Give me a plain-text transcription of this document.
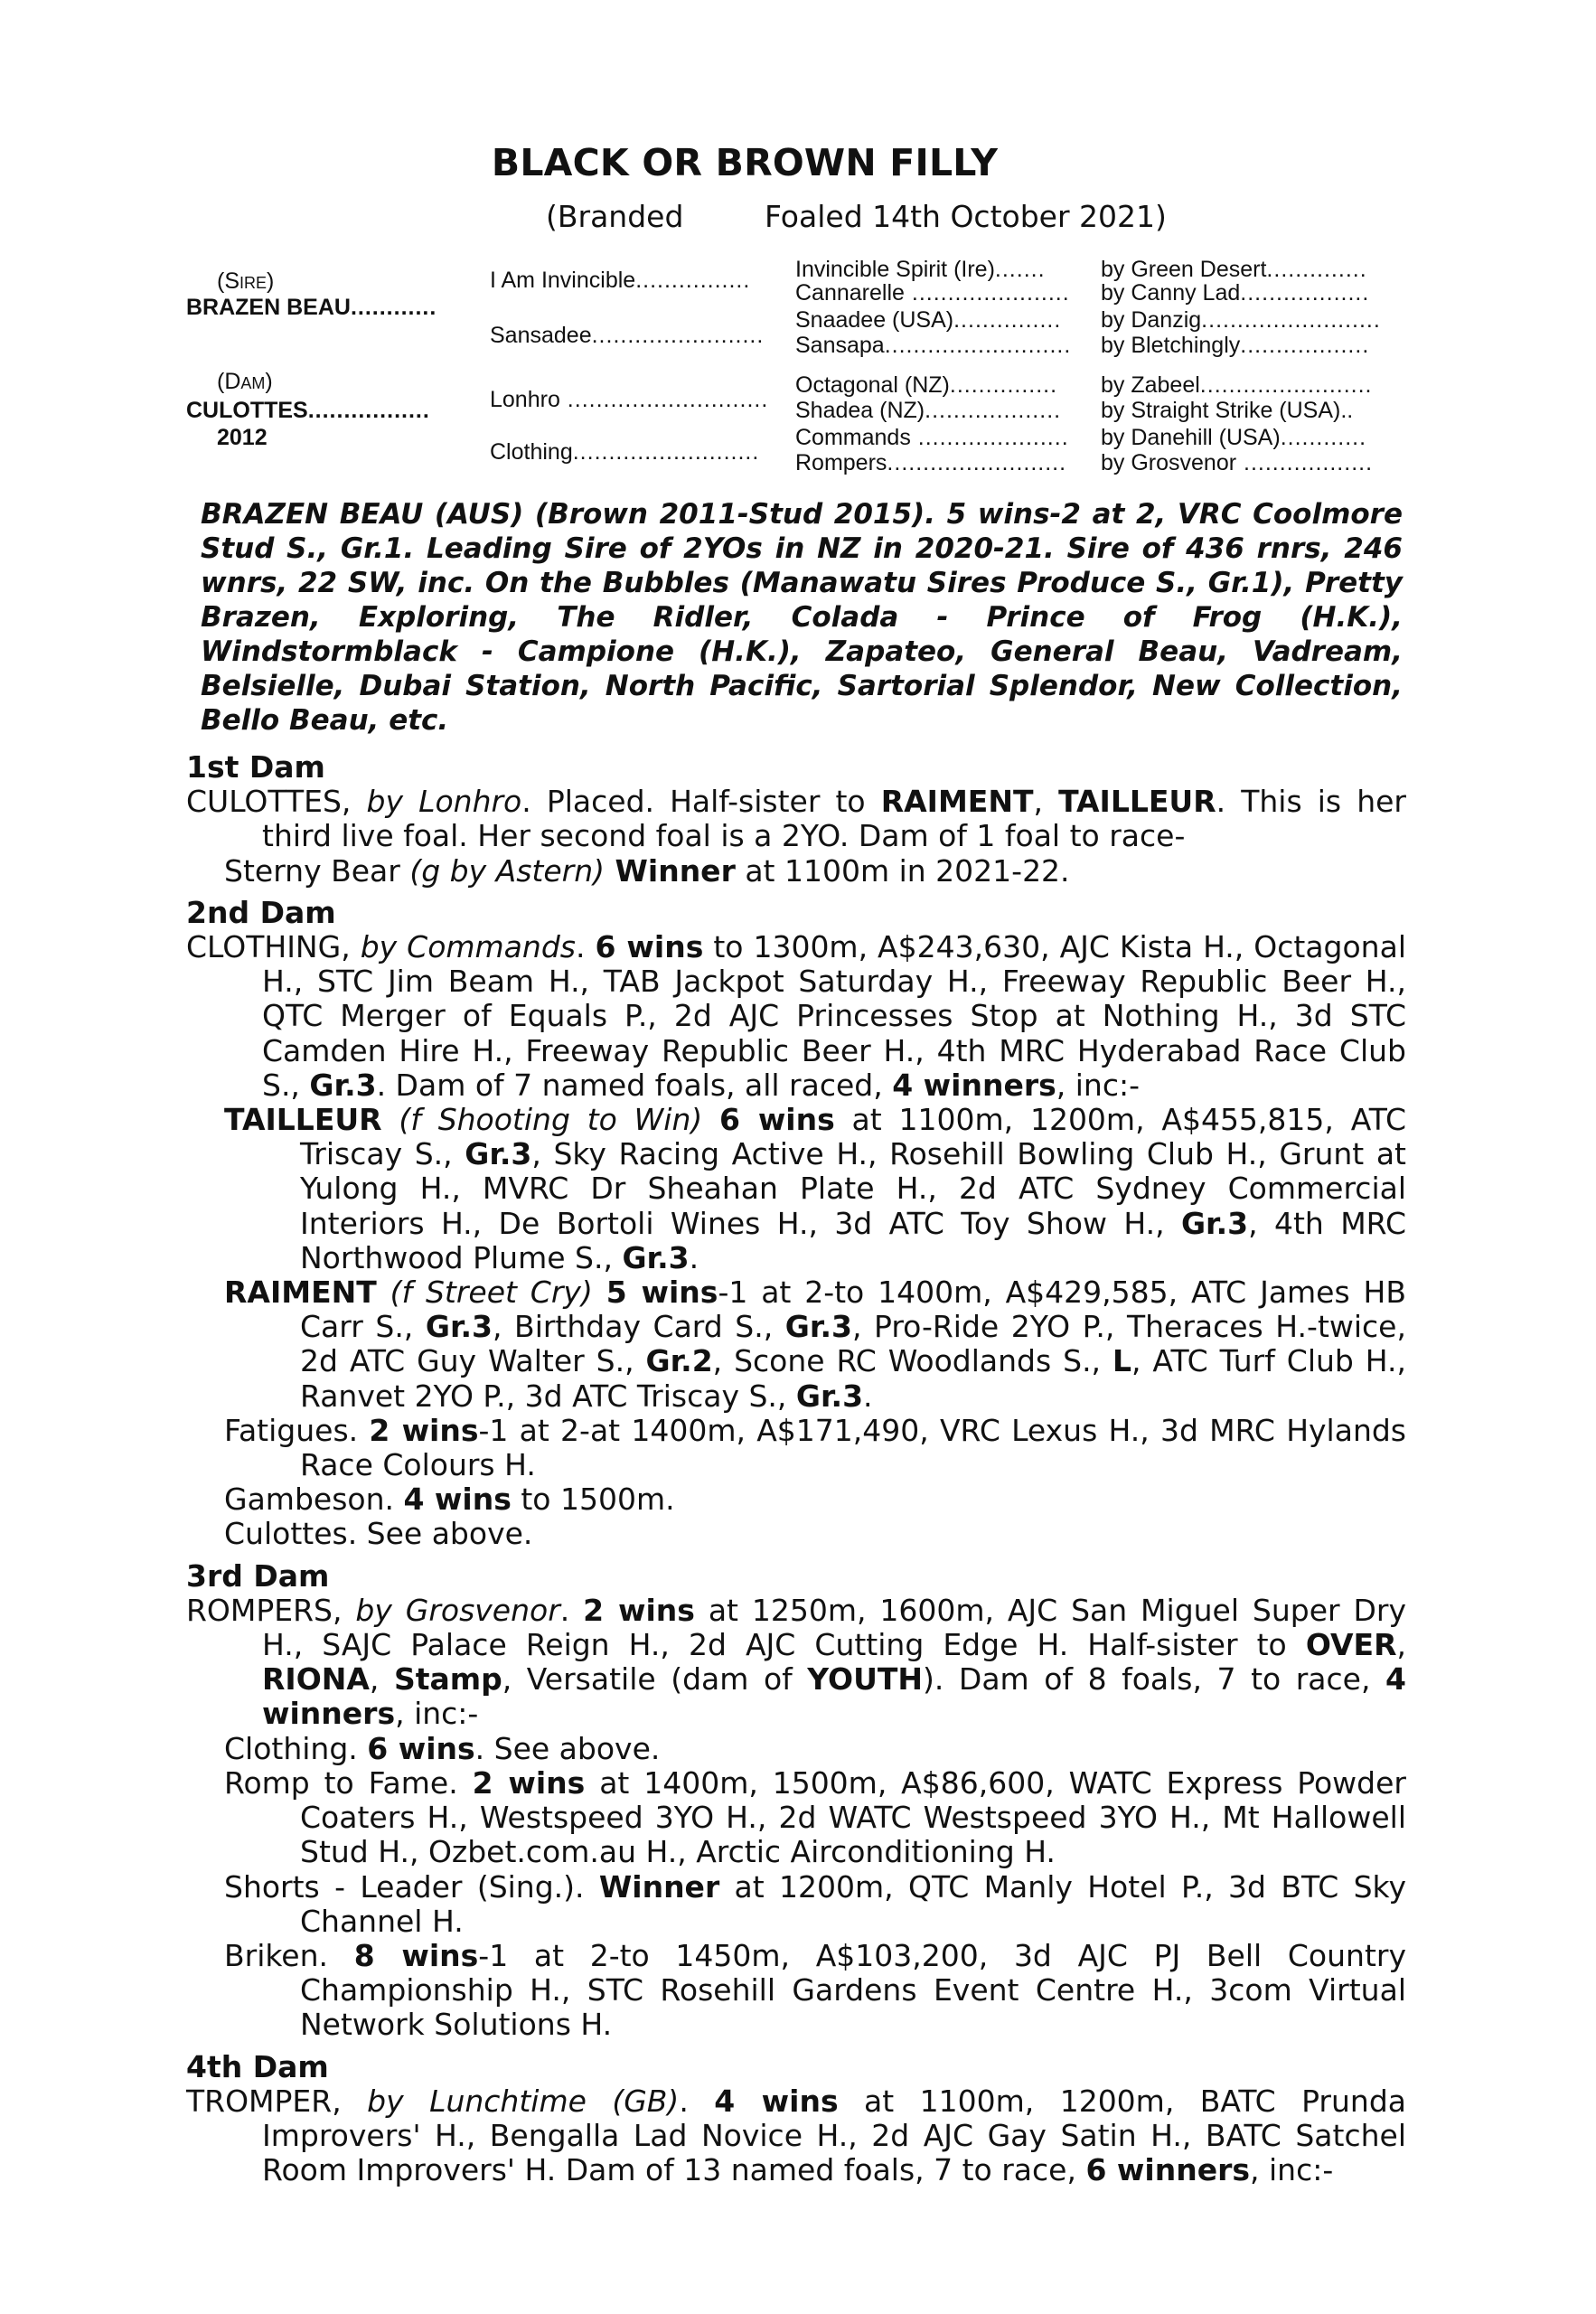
BLACK OR BROWN FILLY
(Branded	Foaled 14th October 2021)
(Sire)
BRAZEN BEAU............
(Dam)
CULOTTES.................
2012
I Am Invincible................
Sansadee........................
Lonhro ............................
Clothing..........................
Invincible Spirit (Ire).......
Cannarelle ......................
Snaadee (USA)...............
Sansapa..........................
Octagonal (NZ)...............
Shadea (NZ)...................
Commands .....................
Rompers.........................
by Green Desert..............
by Canny Lad..................
by Danzig.........................
by Bletchingly..................
by Zabeel........................
by Straight Strike (USA)..
by Danehill (USA)............
by Grosvenor ..................
BRAZEN BEAU (AUS) (Brown 2011-Stud 2015). 5 wins-2 at 2, VRC Coolmore Stud S., Gr.1. Leading Sire of 2YOs in NZ in 2020-21. Sire of 436 rnrs, 246 wnrs, 22 SW, inc. On the Bubbles (Manawatu Sires Produce S., Gr.1), Pretty Brazen, Exploring, The Ridler, Colada - Prince of Frog (H.K.), Windstormblack - Campione (H.K.), Zapateo, General Beau, Vadream, Belsielle, Dubai Station, North Pacific, Sartorial Splendor, New Collection, Bello Beau, etc.
1st Dam
CULOTTES, by Lonhro. Placed. Half-sister to RAIMENT, TAILLEUR. This is her third live foal. Her second foal is a 2YO. Dam of 1 foal to race-
Sterny Bear (g by Astern) Winner at 1100m in 2021-22.
2nd Dam
CLOTHING, by Commands. 6 wins to 1300m, A$243,630, AJC Kista H., Octagonal H., STC Jim Beam H., TAB Jackpot Saturday H., Freeway Republic Beer H., QTC Merger of Equals P., 2d AJC Princesses Stop at Nothing H., 3d STC Camden Hire H., Freeway Republic Beer H., 4th MRC Hyderabad Race Club S., Gr.3. Dam of 7 named foals, all raced, 4 winners, inc:-
TAILLEUR (f Shooting to Win) 6 wins at 1100m, 1200m, A$455,815, ATC Triscay S., Gr.3, Sky Racing Active H., Rosehill Bowling Club H., Grunt at Yulong H., MVRC Dr Sheahan Plate H., 2d ATC Sydney Commercial Interiors H., De Bortoli Wines H., 3d ATC Toy Show H., Gr.3, 4th MRC Northwood Plume S., Gr.3.
RAIMENT (f Street Cry) 5 wins-1 at 2-to 1400m, A$429,585, ATC James HB Carr S., Gr.3, Birthday Card S., Gr.3, Pro-Ride 2YO P., Theraces H.-twice, 2d ATC Guy Walter S., Gr.2, Scone RC Woodlands S., L, ATC Turf Club H., Ranvet 2YO P., 3d ATC Triscay S., Gr.3.
Fatigues. 2 wins-1 at 2-at 1400m, A$171,490, VRC Lexus H., 3d MRC Hylands Race Colours H.
Gambeson. 4 wins to 1500m.
Culottes. See above.
3rd Dam
ROMPERS, by Grosvenor. 2 wins at 1250m, 1600m, AJC San Miguel Super Dry H., SAJC Palace Reign H., 2d AJC Cutting Edge H. Half-sister to OVER, RIONA, Stamp, Versatile (dam of YOUTH). Dam of 8 foals, 7 to race, 4 winners, inc:-
Clothing. 6 wins. See above.
Romp to Fame. 2 wins at 1400m, 1500m, A$86,600, WATC Express Powder Coaters H., Westspeed 3YO H., 2d WATC Westspeed 3YO H., Mt Hallowell Stud H., Ozbet.com.au H., Arctic Airconditioning H.
Shorts - Leader (Sing.). Winner at 1200m, QTC Manly Hotel P., 3d BTC Sky Channel H.
Briken. 8 wins-1 at 2-to 1450m, A$103,200, 3d AJC PJ Bell Country Championship H., STC Rosehill Gardens Event Centre H., 3com Virtual Network Solutions H.
4th Dam
TROMPER, by Lunchtime (GB). 4 wins at 1100m, 1200m, BATC Prunda Improvers' H., Bengalla Lad Novice H., 2d AJC Gay Satin H., BATC Satchel Room Improvers' H. Dam of 13 named foals, 7 to race, 6 winners, inc:-
